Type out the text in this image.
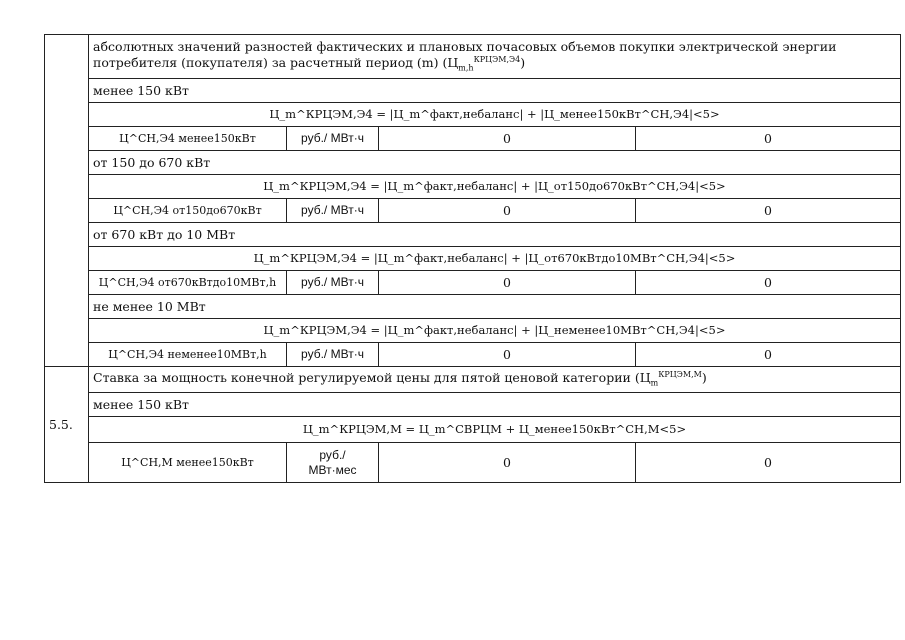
	абсолютных значений разностей фактических и плановых почасовых объемов покупки электрической энергии потребителя (покупателя) за расчетный период (m) $(Ц_{m,h}^{КРЦЭМ,Э4})$			
	менее 150 кВт			
	Ц_m^КРЦЭМ,Э4 = |Ц_m^факт,небаланс| + |Ц_менее150кВт^СН,Э4|<5>			
	Ц^СН,Э4 менее150кВт	руб./ МВт·ч	0	0
	от 150 до 670 кВт			
	Ц_m^КРЦЭМ,Э4 = |Ц_m^факт,небаланс| + |Ц_от150до670кВт^СН,Э4|<5>			
	Ц^СН,Э4 от150до670кВт	руб./ МВт·ч	0	0
	от 670 кВт до 10 МВт			
	Ц_m^КРЦЭМ,Э4 = |Ц_m^факт,небаланс| + |Ц_от670кВтдо10МВт^СН,Э4|<5>			
	Ц^СН,Э4 от670кВтдо10МВт,h	руб./ МВт·ч	0	0
	не менее 10 МВт			
	Ц_m^КРЦЭМ,Э4 = |Ц_m^факт,небаланс| + |Ц_неменее10МВт^СН,Э4|<5>			
	Ц^СН,Э4 неменее10МВт,h	руб./ МВт·ч	0	0
5.5.	Ставка за мощность конечной регулируемой цены для пятой ценовой категории $(Ц_m^{КРЦЭМ,М})$			
	менее 150 кВт			
	Ц_m^КРЦЭМ,М = Ц_m^СВРЦМ + Ц_менее150кВт^СН,М<5>			
	Ц^СН,М менее150кВт	руб./
МВт·мес	0	0
